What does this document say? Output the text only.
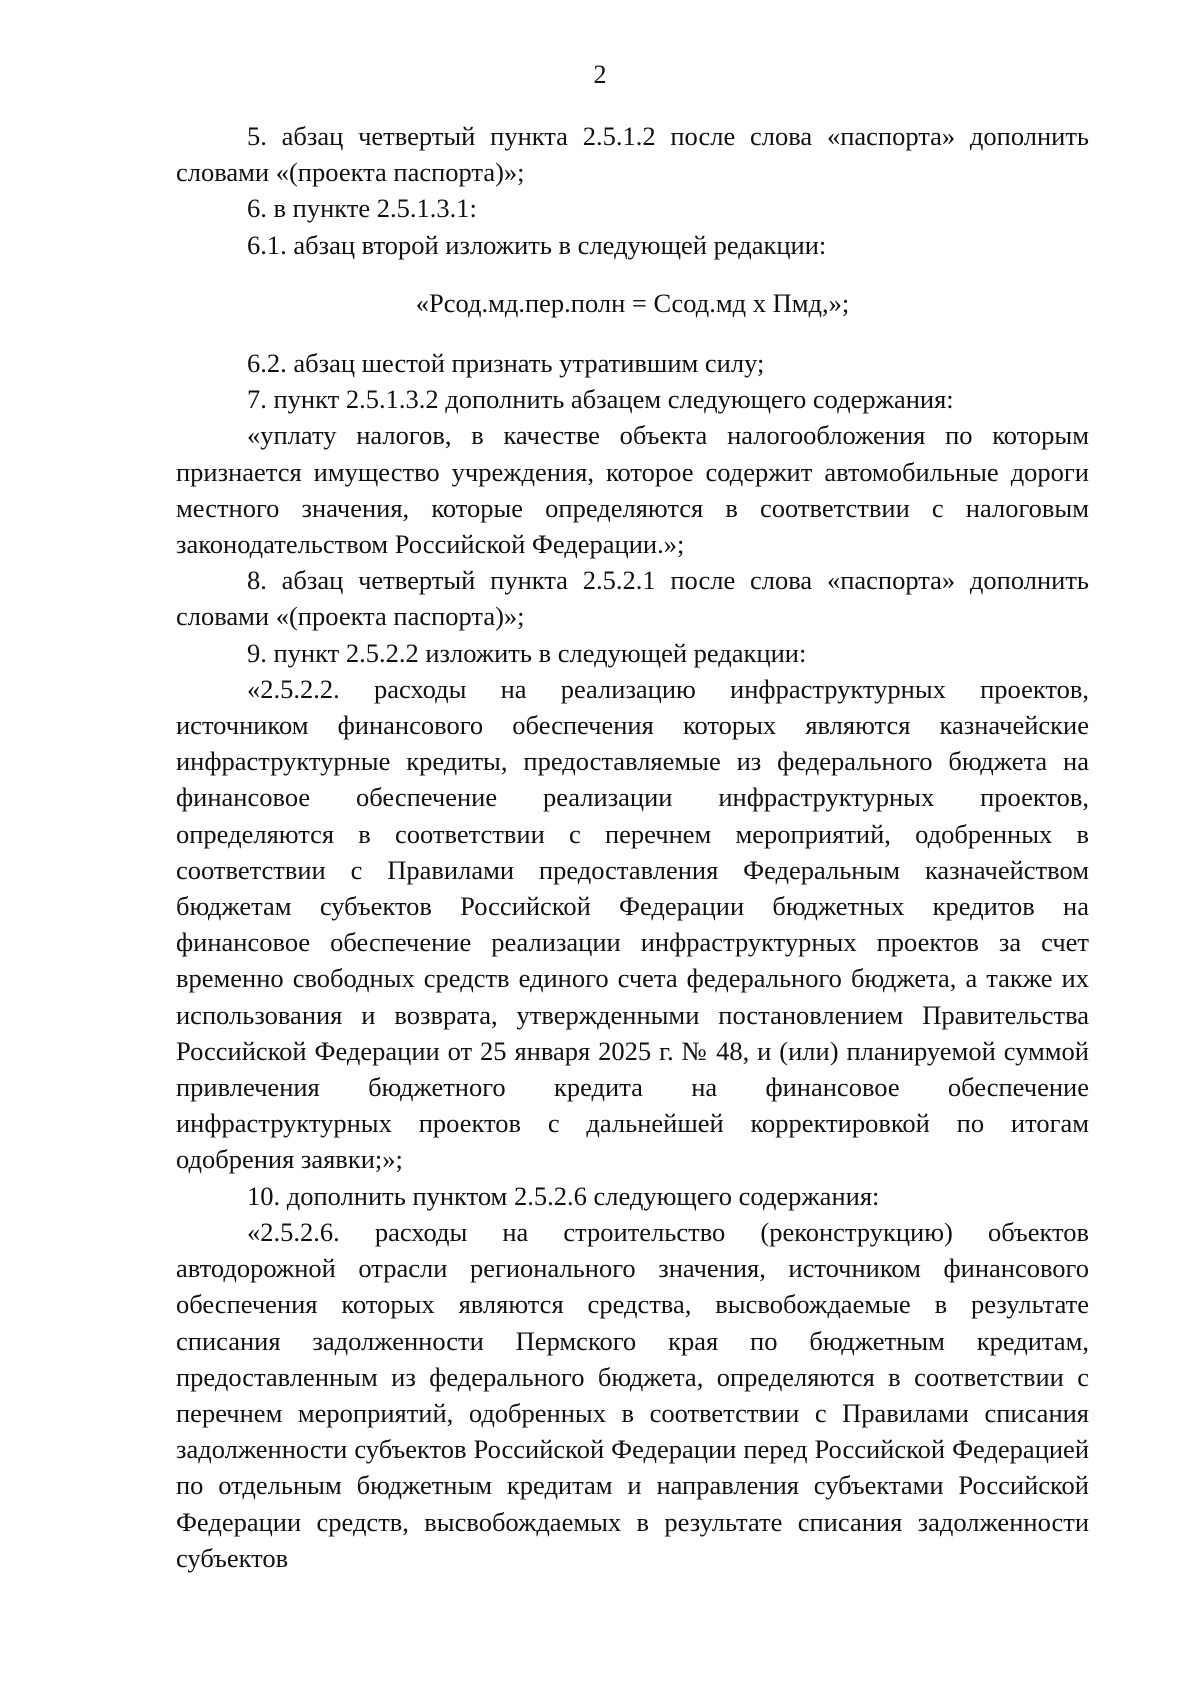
2

5. абзац четвертый пункта 2.5.1.2 после слова «паспорта» дополнить словами «(проекта паспорта)»;

6. в пункте 2.5.1.3.1:

6.1. абзац второй изложить в следующей редакции:

«Рсод.мд.пер.полн = Ссод.мд х Пмд,»;

6.2. абзац шестой признать утратившим силу;

7. пункт 2.5.1.3.2 дополнить абзацем следующего содержания:

«уплату налогов, в качестве объекта налогообложения по которым признается имущество учреждения, которое содержит автомобильные дороги местного значения, которые определяются в соответствии с налоговым законодательством Российской Федерации.»;

8. абзац четвертый пункта 2.5.2.1 после слова «паспорта» дополнить словами «(проекта паспорта)»;

9. пункт 2.5.2.2 изложить в следующей редакции:

«2.5.2.2. расходы на реализацию инфраструктурных проектов, источником финансового обеспечения которых являются казначейские инфраструктурные кредиты, предоставляемые из федерального бюджета на финансовое обеспечение реализации инфраструктурных проектов, определяются в соответствии с перечнем мероприятий, одобренных в соответствии с Правилами предоставления Федеральным казначейством бюджетам субъектов Российской Федерации бюджетных кредитов на финансовое обеспечение реализации инфраструктурных проектов за счет временно свободных средств единого счета федерального бюджета, а также их использования и возврата, утвержденными постановлением Правительства Российской Федерации от 25 января 2025 г. № 48, и (или) планируемой суммой привлечения бюджетного кредита на финансовое обеспечение инфраструктурных проектов с дальнейшей корректировкой по итогам одобрения заявки;»;

10. дополнить пунктом 2.5.2.6 следующего содержания:

«2.5.2.6. расходы на строительство (реконструкцию) объектов автодорожной отрасли регионального значения, источником финансового обеспечения которых являются средства, высвобождаемые в результате списания задолженности Пермского края по бюджетным кредитам, предоставленным из федерального бюджета, определяются в соответствии с перечнем мероприятий, одобренных в соответствии с Правилами списания задолженности субъектов Российской Федерации перед Российской Федерацией по отдельным бюджетным кредитам и направления субъектами Российской Федерации средств, высвобождаемых в результате списания задолженности субъектов
